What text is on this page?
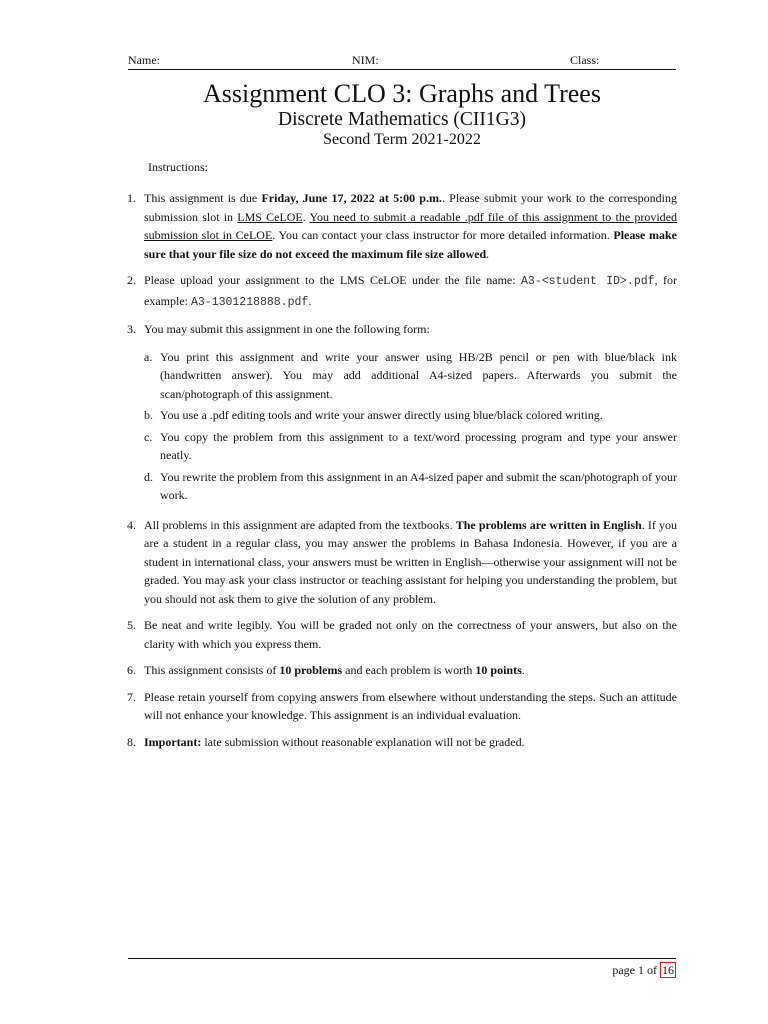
Name:	NIM:	Class:
Assignment CLO 3: Graphs and Trees
Discrete Mathematics (CII1G3)
Second Term 2021-2022
Instructions:
1. This assignment is due Friday, June 17, 2022 at 5:00 p.m.. Please submit your work to the corresponding submission slot in LMS CeLOE. You need to submit a readable .pdf file of this assignment to the provided submission slot in CeLOE. You can contact your class instructor for more detailed information. Please make sure that your file size do not exceed the maximum file size allowed.
2. Please upload your assignment to the LMS CeLOE under the file name: A3-<student ID>.pdf, for example: A3-1301218888.pdf.
3. You may submit this assignment in one the following form:
a. You print this assignment and write your answer using HB/2B pencil or pen with blue/black ink (handwritten answer). You may add additional A4-sized papers. Afterwards you submit the scan/photograph of this assignment.
b. You use a .pdf editing tools and write your answer directly using blue/black colored writing.
c. You copy the problem from this assignment to a text/word processing program and type your answer neatly.
d. You rewrite the problem from this assignment in an A4-sized paper and submit the scan/photograph of your work.
4. All problems in this assignment are adapted from the textbooks. The problems are written in English. If you are a student in a regular class, you may answer the problems in Bahasa Indonesia. However, if you are a student in international class, your answers must be written in English—otherwise your assignment will not be graded. You may ask your class instructor or teaching assistant for helping you understanding the problem, but you should not ask them to give the solution of any problem.
5. Be neat and write legibly. You will be graded not only on the correctness of your answers, but also on the clarity with which you express them.
6. This assignment consists of 10 problems and each problem is worth 10 points.
7. Please retain yourself from copying answers from elsewhere without understanding the steps. Such an attitude will not enhance your knowledge. This assignment is an individual evaluation.
8. Important: late submission without reasonable explanation will not be graded.
page 1 of 16
